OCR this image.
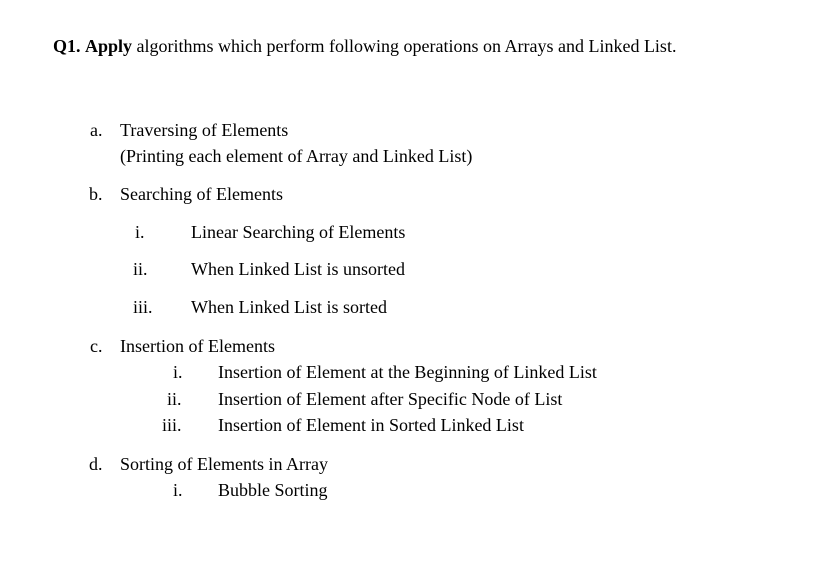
Q1. Apply algorithms which perform following operations on Arrays and Linked List.
a. Traversing of Elements
(Printing each element of Array and Linked List)
b. Searching of Elements
i.	Linear Searching of Elements
ii. When Linked List is unsorted
iii. When Linked List is sorted
c. Insertion of Elements
i. Insertion of Element at the Beginning of Linked List
ii. Insertion of Element after Specific Node of List
iii. Insertion of Element in Sorted Linked List
d. Sorting of Elements in Array
i. Bubble Sorting
